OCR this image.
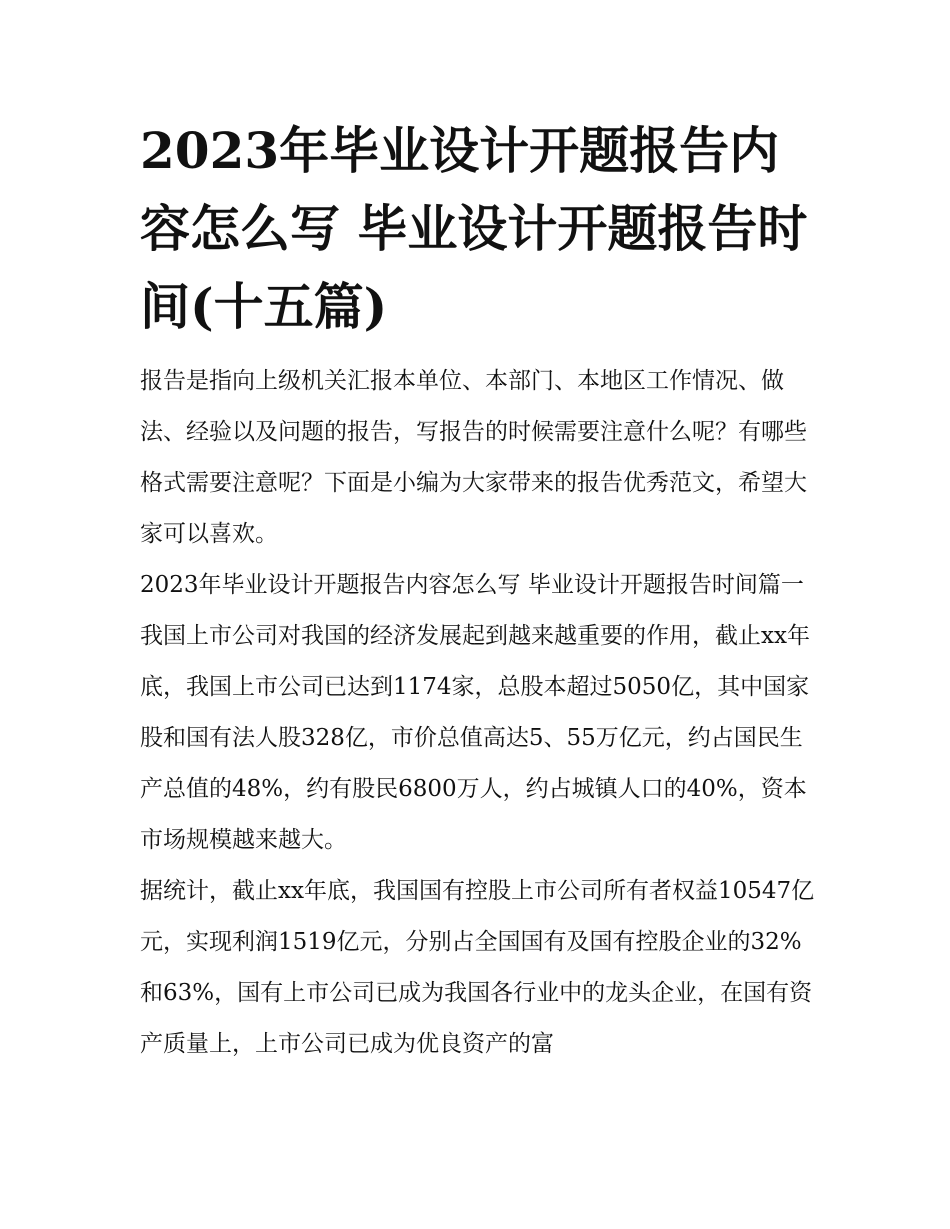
2023年毕业设计开题报告内容怎么写 毕业设计开题报告时间(十五篇)

报告是指向上级机关汇报本单位、本部门、本地区工作情况、做法、经验以及问题的报告，写报告的时候需要注意什么呢？有哪些格式需要注意呢？下面是小编为大家带来的报告优秀范文，希望大家可以喜欢。

2023年毕业设计开题报告内容怎么写 毕业设计开题报告时间篇一

我国上市公司对我国的经济发展起到越来越重要的作用，截止xx年底，我国上市公司已达到1174家，总股本超过5050亿，其中国家股和国有法人股328亿，市价总值高达5、55万亿元，约占国民生产总值的48%，约有股民6800万人，约占城镇人口的40%，资本市场规模越来越大。

据统计，截止xx年底，我国国有控股上市公司所有者权益10547亿元，实现利润1519亿元，分别占全国国有及国有控股企业的32%和63%，国有上市公司已成为我国各行业中的龙头企业，在国有资产质量上，上市公司已成为优良资产的富
